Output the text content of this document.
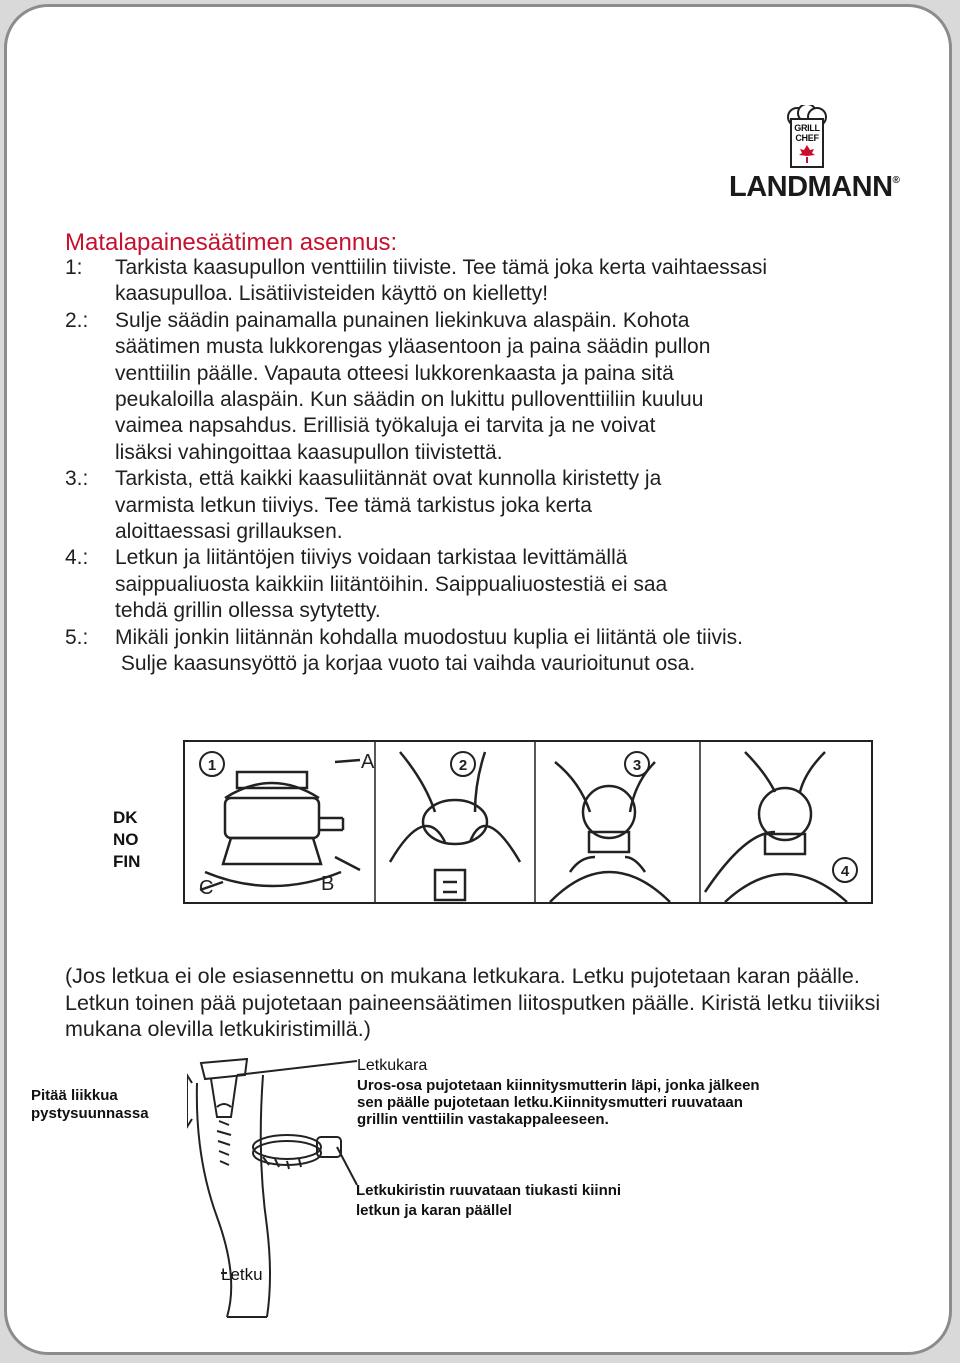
GRILL
CHEF
LANDMANN®
Matalapainesäätimen asennus:
1:	Tarkista kaasupullon venttiilin tiiviste. Tee tämä joka kerta vaihtaessasi
kaasupulloa. Lisätiivisteiden käyttö on kielletty!
2.:	Sulje säädin painamalla punainen liekinkuva alaspäin. Kohota
säätimen musta lukkorengas yläasentoon ja paina säädin pullon
venttiilin päälle. Vapauta otteesi lukkorenkaasta ja paina sitä
peukaloilla alaspäin. Kun säädin on lukittu pulloventtiiliin kuuluu
vaimea napsahdus. Erillisiä työkaluja ei tarvita ja ne voivat
lisäksi vahingoittaa kaasupullon tiivistettä.
3.:	Tarkista, että kaikki kaasuliitännät ovat kunnolla kiristetty ja
varmista letkun tiiviys. Tee tämä tarkistus joka kerta
aloittaessasi grillauksen.
4.:	Letkun ja liitäntöjen tiiviys voidaan tarkistaa levittämällä
saippualiuosta kaikkiin liitäntöihin. Saippualiuostestiä ei saa
tehdä grillin ollessa sytytetty.
5.:	Mikäli jonkin liitännän kohdalla muodostuu kuplia ei liitäntä ole tiivis.
Sulje kaasunsyöttö ja korjaa vuoto tai vaihda vaurioitunut osa.
DK
NO
FIN
1	2	3
4
A
B
C
(Jos letkua ei ole esiasennettu on mukana letkukara. Letku pujotetaan karan päälle. Letkun toinen pää pujotetaan paineensäätimen liitosputken päälle. Kiristä letku tiiviiksi mukana olevilla letkukiristimillä.)
Pitää liikkua
pystysuunnassa
Letkukara
Uros-osa pujotetaan kiinnitysmutterin läpi, jonka jälkeen
sen päälle pujotetaan letku.Kiinnitysmutteri ruuvataan
grillin venttiilin vastakappaleeseen.
Letkukiristin ruuvataan tiukasti kiinni
letkun ja karan päällel
Letku
